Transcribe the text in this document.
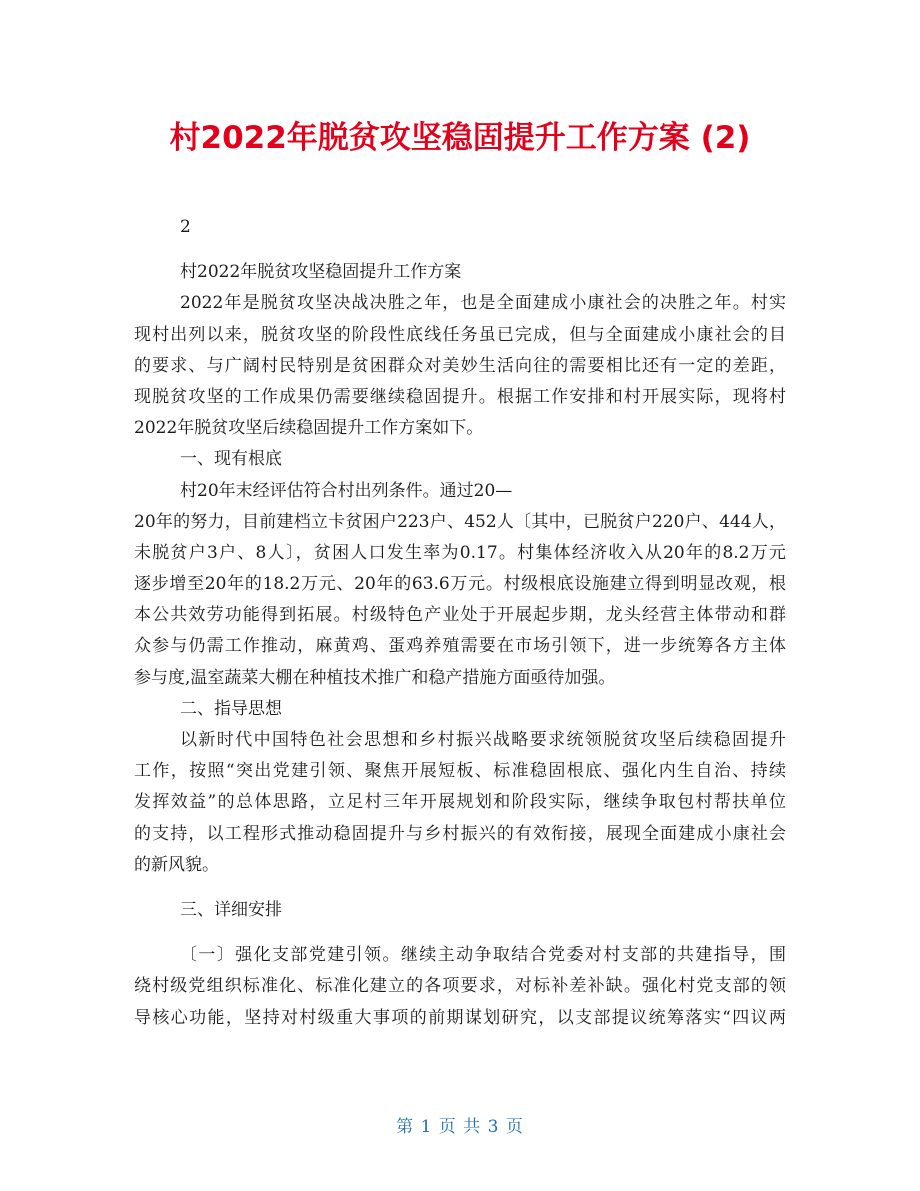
村2022年脱贫攻坚稳固提升工作方案 (2)
2
村2022年脱贫攻坚稳固提升工作方案
2022年是脱贫攻坚决战决胜之年，也是全面建成小康社会的决胜之年。村实
现村出列以来，脱贫攻坚的阶段性底线任务虽已完成，但与全面建成小康社会的目
的要求、与广阔村民特别是贫困群众对美妙生活向往的需要相比还有一定的差距，
现脱贫攻坚的工作成果仍需要继续稳固提升。根据工作安排和村开展实际，现将村
2022年脱贫攻坚后续稳固提升工作方案如下。
一、现有根底
村20年末经评估符合村出列条件。通过20—
20年的努力，目前建档立卡贫困户223户、452人〔其中，已脱贫户220户、444人，
未脱贫户3户、8人〕，贫困人口发生率为0.17。村集体经济收入从20年的8.2万元
逐步增至20年的18.2万元、20年的63.6万元。村级根底设施建立得到明显改观，根
本公共效劳功能得到拓展。村级特色产业处于开展起步期，龙头经营主体带动和群
众参与仍需工作推动，麻黄鸡、蛋鸡养殖需要在市场引领下，进一步统筹各方主体
参与度,温室蔬菜大棚在种植技术推广和稳产措施方面亟待加强。
二、指导思想
以新时代中国特色社会思想和乡村振兴战略要求统领脱贫攻坚后续稳固提升
工作，按照“突出党建引领、聚焦开展短板、标准稳固根底、强化内生自治、持续
发挥效益”的总体思路，立足村三年开展规划和阶段实际，继续争取包村帮扶单位
的支持，以工程形式推动稳固提升与乡村振兴的有效衔接，展现全面建成小康社会
的新风貌。
三、详细安排
〔一〕强化支部党建引领。继续主动争取结合党委对村支部的共建指导，围
绕村级党组织标准化、标准化建立的各项要求，对标补差补缺。强化村党支部的领
导核心功能，坚持对村级重大事项的前期谋划研究，以支部提议统筹落实“四议两
第 1 页 共 3 页
